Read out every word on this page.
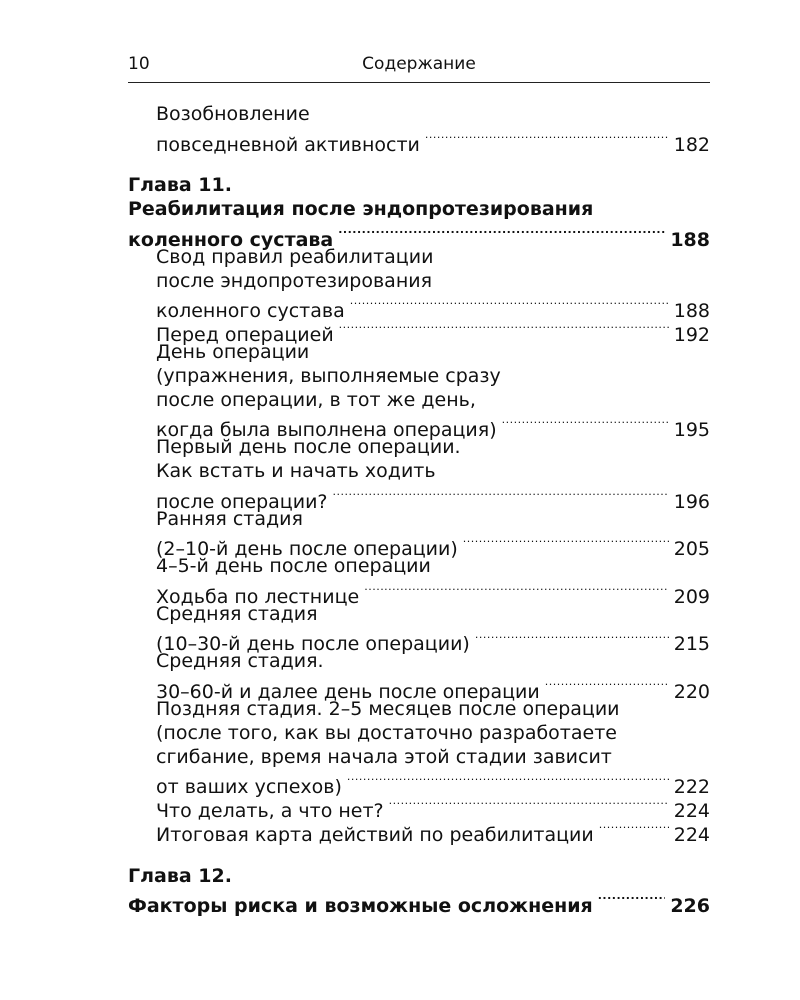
10	Содержание
Возобновление
повседневной активности .....	182
Глава 11.
Реабилитация после эндопротезирования
коленного сустава .....	188
Свод правил реабилитации
после эндопротезирования
коленного сустава .....	188
Перед операцией .....	192
День операции
(упражнения, выполняемые сразу
после операции, в тот же день,
когда была выполнена операция) .....	195
Первый день после операции.
Как встать и начать ходить
после операции? .....	196
Ранняя стадия
(2–10-й день после операции) .....	205
4–5-й день после операции
Ходьба по лестнице .....	209
Средняя стадия
(10–30-й день после операции) .....	215
Средняя стадия.
30–60-й и далее день после операции .....	220
Поздняя стадия. 2–5 месяцев после операции
(после того, как вы достаточно разработаете
сгибание, время начала этой стадии зависит
от ваших успехов) .....	222
Что делать, а что нет? .....	224
Итоговая карта действий по реабилитации .....	224
Глава 12.
Факторы риска и возможные осложнения .....	226
